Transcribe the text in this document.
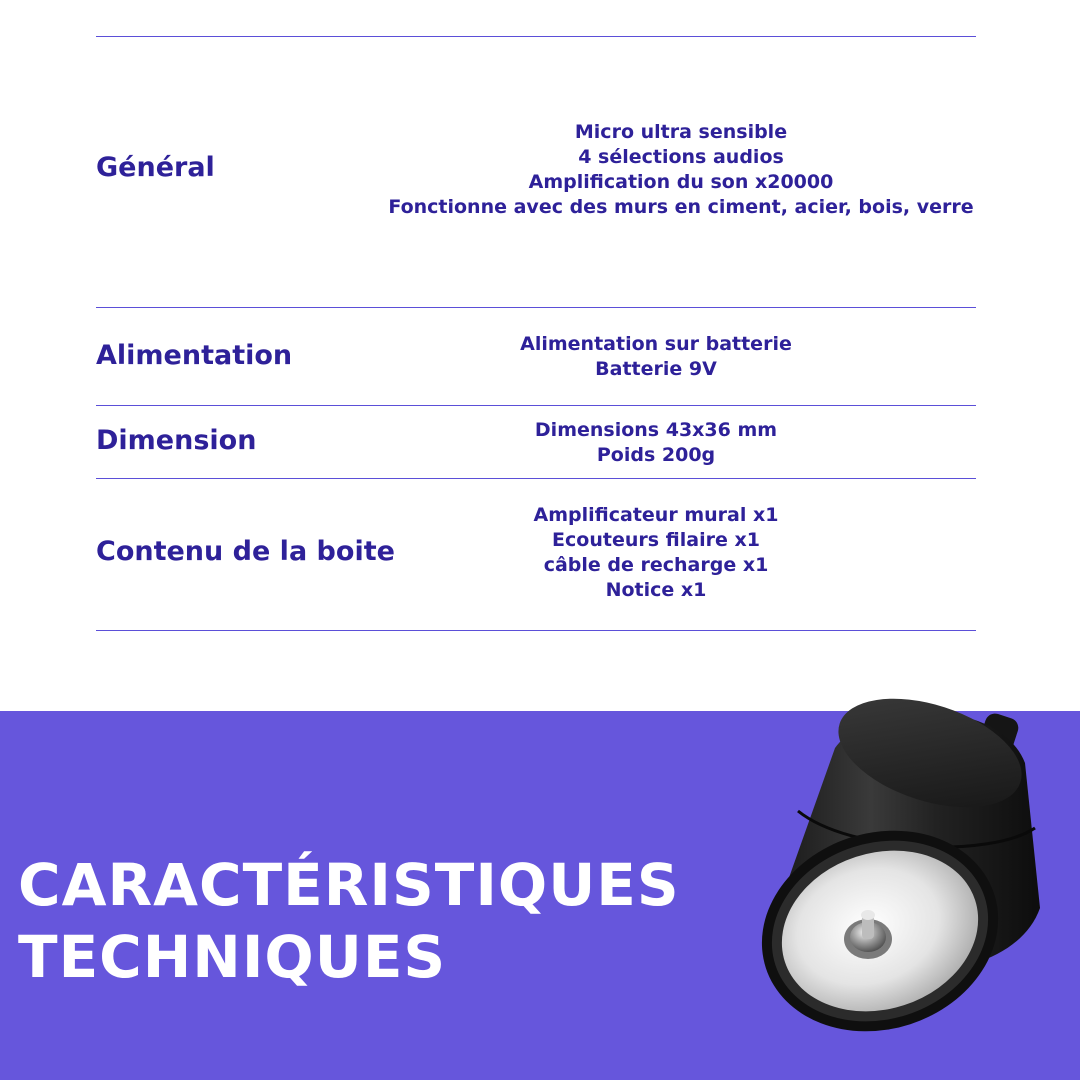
Général
Micro ultra sensible
4 sélections audios
Amplification du son x20000
Fonctionne avec des murs en ciment, acier, bois, verre
Alimentation	Alimentation sur batterie
Batterie 9V
Dimension	Dimensions 43x36 mm
Poids 200g
Contenu de la boite
Amplificateur mural x1
Ecouteurs filaire x1
câble de recharge x1
Notice x1
CARACTÉRISTIQUES
TECHNIQUES
